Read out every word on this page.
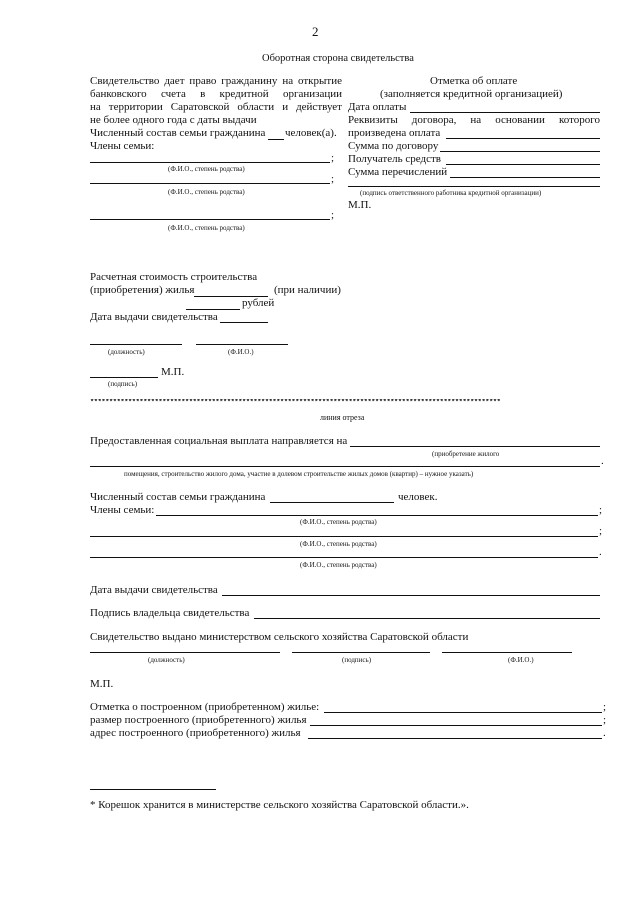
2
Оборотная сторона свидетельства
Свидетельство дает право гражданину на открытие
банковского счета в кредитной организации
на территории Саратовской области и действует
не более одного года с даты выдачи
Численный состав семьи гражданина человек(а).
Члены семьи:
;
(Ф.И.О., степень родства)
;
(Ф.И.О., степень родства)
;
(Ф.И.О., степень родства)
Отметка об оплате
(заполняется кредитной организацией)
Дата оплаты
Реквизиты договора, на основании которого
произведена оплата
Сумма по договору
Получатель средств
Сумма перечислений
(подпись ответственного работника кредитной организации)
М.П.
Расчетная стоимость строительства
(приобретения) жилья	(при наличии)
рублей
Дата выдачи свидетельства
(должность)	(Ф.И.О.)
М.П.
(подпись)
************************************************************************************************************
линия отреза
Предоставленная социальная выплата направляется на
(приобретение жилого
.
помещения, строительство жилого дома, участие в долевом строительстве жилых домов (квартир) – нужное указать)
Численный состав семьи гражданина	человек.
Члены семьи:	;
(Ф.И.О., степень родства)
;
(Ф.И.О., степень родства)
.
(Ф.И.О., степень родства)
Дата выдачи свидетельства
Подпись владельца свидетельства
Свидетельство выдано министерством сельского хозяйства Саратовской области
(должность)	(подпись)	(Ф.И.О.)
М.П.
Отметка о построенном (приобретенном) жилье:	;
размер построенного (приобретенного) жилья	;
адрес построенного (приобретенного) жилья	.
* Корешок хранится в министерстве сельского хозяйства Саратовской области.».
